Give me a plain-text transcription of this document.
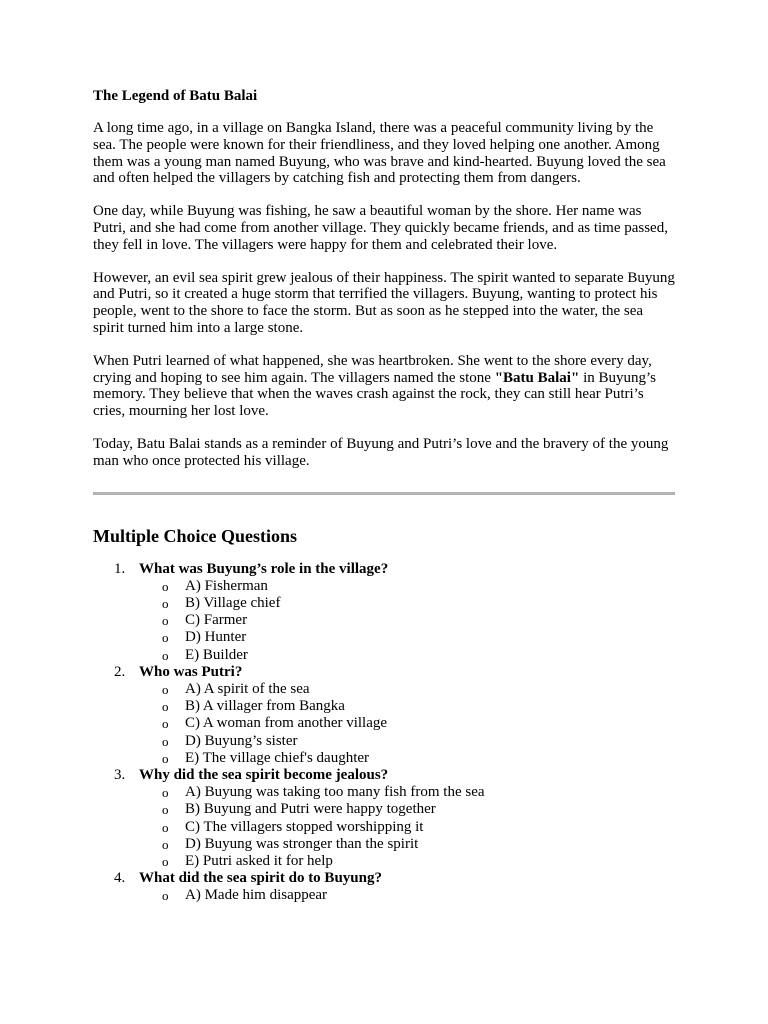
The Legend of Batu Balai

A long time ago, in a village on Bangka Island, there was a peaceful community living by the sea. The people were known for their friendliness, and they loved helping one another. Among them was a young man named Buyung, who was brave and kind-hearted. Buyung loved the sea and often helped the villagers by catching fish and protecting them from dangers.

One day, while Buyung was fishing, he saw a beautiful woman by the shore. Her name was Putri, and she had come from another village. They quickly became friends, and as time passed, they fell in love. The villagers were happy for them and celebrated their love.

However, an evil sea spirit grew jealous of their happiness. The spirit wanted to separate Buyung and Putri, so it created a huge storm that terrified the villagers. Buyung, wanting to protect his people, went to the shore to face the storm. But as soon as he stepped into the water, the sea spirit turned him into a large stone.

When Putri learned of what happened, she was heartbroken. She went to the shore every day, crying and hoping to see him again. The villagers named the stone "Batu Balai" in Buyung’s memory. They believe that when the waves crash against the rock, they can still hear Putri’s cries, mourning her lost love.

Today, Batu Balai stands as a reminder of Buyung and Putri’s love and the bravery of the young man who once protected his village.

Multiple Choice Questions
1. What was Buyung’s role in the village?
o A) Fisherman
o B) Village chief
o C) Farmer
o D) Hunter
o E) Builder
2. Who was Putri?
o A) A spirit of the sea
o B) A villager from Bangka
o C) A woman from another village
o D) Buyung’s sister
o E) The village chief's daughter
3. Why did the sea spirit become jealous?
o A) Buyung was taking too many fish from the sea
o B) Buyung and Putri were happy together
o C) The villagers stopped worshipping it
o D) Buyung was stronger than the spirit
o E) Putri asked it for help
4. What did the sea spirit do to Buyung?
o A) Made him disappear
